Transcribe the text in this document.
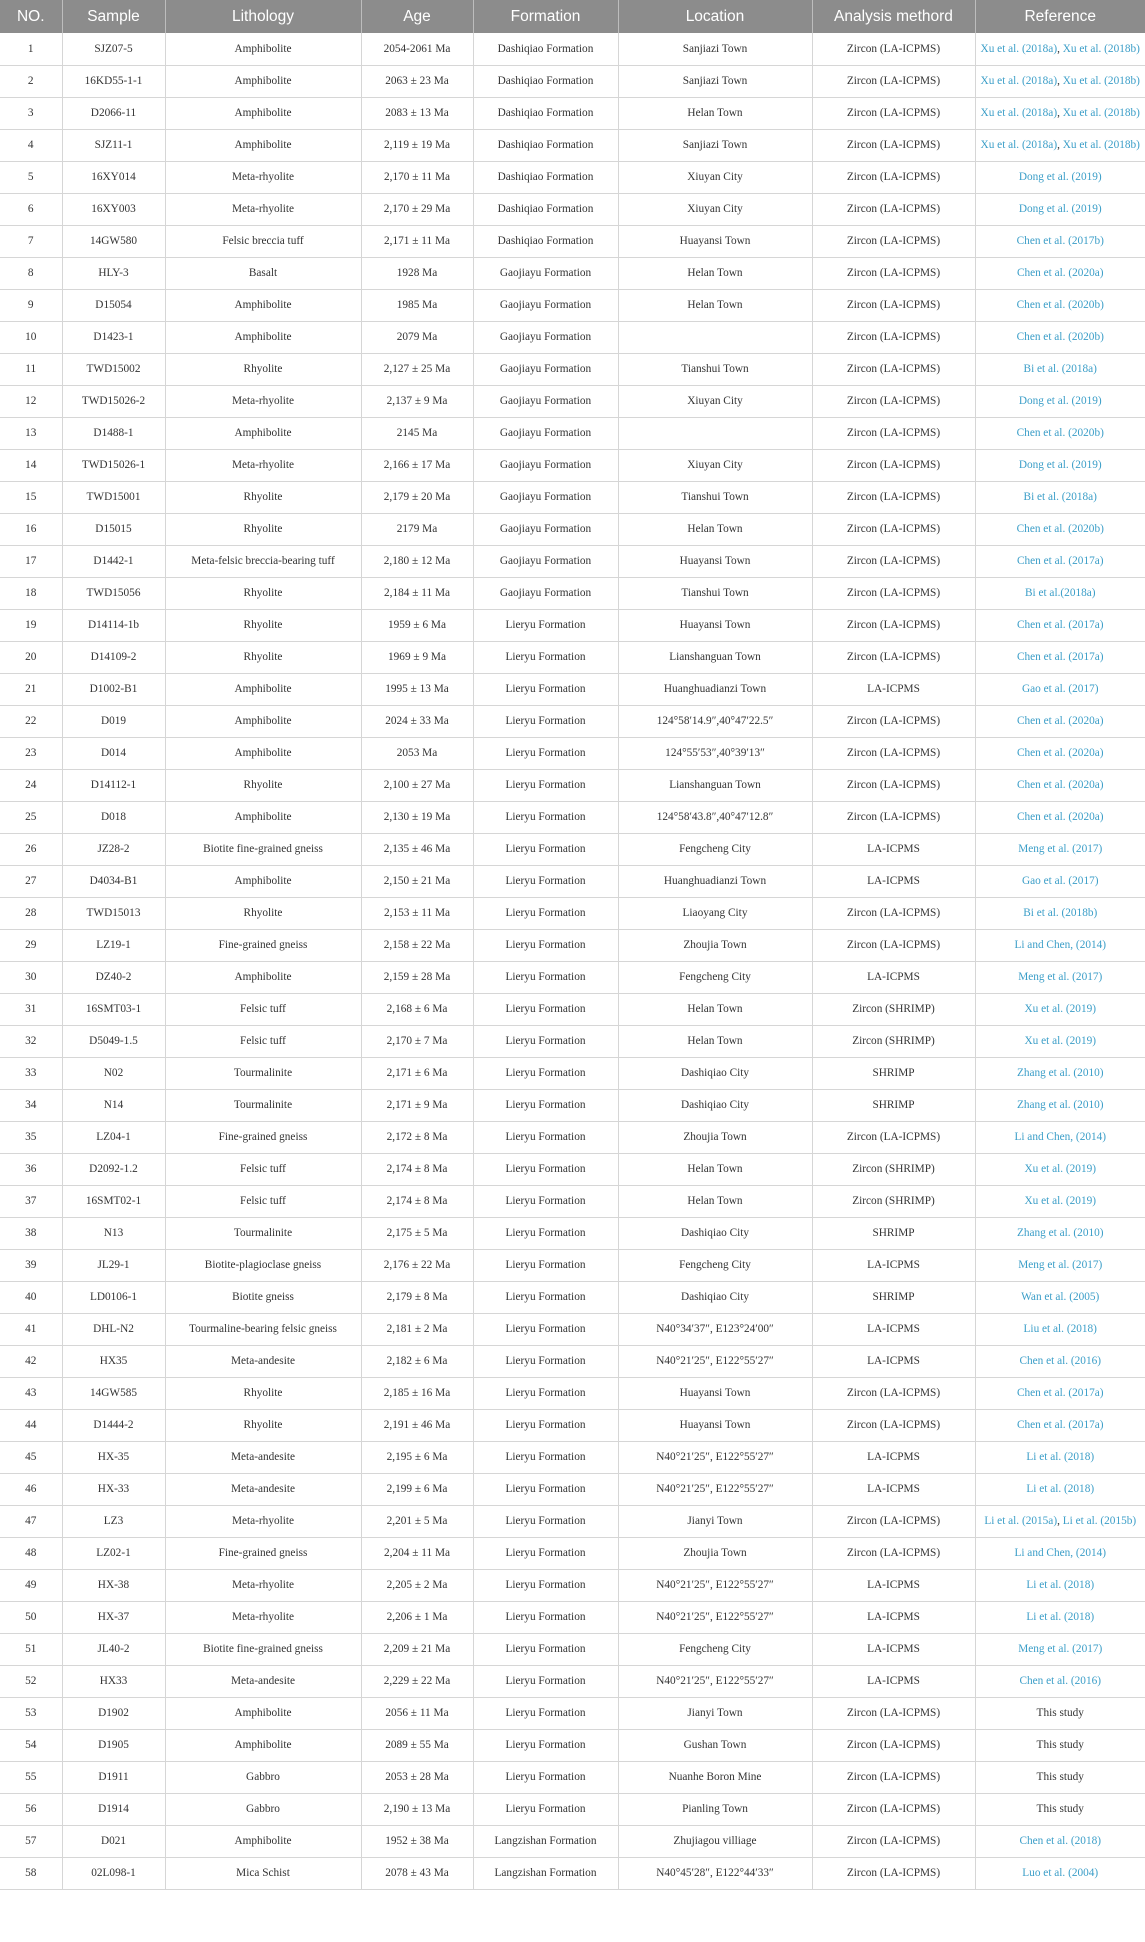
NO.	Sample	Lithology	Age	Formation	Location	Analysis methord	Reference
1	SJZ07-5	Amphibolite	2054-2061 Ma	Dashiqiao Formation	Sanjiazi Town	Zircon (LA-ICPMS)	Xu et al. (2018a), Xu et al. (2018b)
2	16KD55-1-1	Amphibolite	2063 ± 23 Ma	Dashiqiao Formation	Sanjiazi Town	Zircon (LA-ICPMS)	Xu et al. (2018a), Xu et al. (2018b)
3	D2066-11	Amphibolite	2083 ± 13 Ma	Dashiqiao Formation	Helan Town	Zircon (LA-ICPMS)	Xu et al. (2018a), Xu et al. (2018b)
4	SJZ11-1	Amphibolite	2,119 ± 19 Ma	Dashiqiao Formation	Sanjiazi Town	Zircon (LA-ICPMS)	Xu et al. (2018a), Xu et al. (2018b)
5	16XY014	Meta-rhyolite	2,170 ± 11 Ma	Dashiqiao Formation	Xiuyan City	Zircon (LA-ICPMS)	Dong et al. (2019)
6	16XY003	Meta-rhyolite	2,170 ± 29 Ma	Dashiqiao Formation	Xiuyan City	Zircon (LA-ICPMS)	Dong et al. (2019)
7	14GW580	Felsic breccia tuff	2,171 ± 11 Ma	Dashiqiao Formation	Huayansi Town	Zircon (LA-ICPMS)	Chen et al. (2017b)
8	HLY-3	Basalt	1928 Ma	Gaojiayu Formation	Helan Town	Zircon (LA-ICPMS)	Chen et al. (2020a)
9	D15054	Amphibolite	1985 Ma	Gaojiayu Formation	Helan Town	Zircon (LA-ICPMS)	Chen et al. (2020b)
10	D1423-1	Amphibolite	2079 Ma	Gaojiayu Formation		Zircon (LA-ICPMS)	Chen et al. (2020b)
11	TWD15002	Rhyolite	2,127 ± 25 Ma	Gaojiayu Formation	Tianshui Town	Zircon (LA-ICPMS)	Bi et al. (2018a)
12	TWD15026-2	Meta-rhyolite	2,137 ± 9 Ma	Gaojiayu Formation	Xiuyan City	Zircon (LA-ICPMS)	Dong et al. (2019)
13	D1488-1	Amphibolite	2145 Ma	Gaojiayu Formation		Zircon (LA-ICPMS)	Chen et al. (2020b)
14	TWD15026-1	Meta-rhyolite	2,166 ± 17 Ma	Gaojiayu Formation	Xiuyan City	Zircon (LA-ICPMS)	Dong et al. (2019)
15	TWD15001	Rhyolite	2,179 ± 20 Ma	Gaojiayu Formation	Tianshui Town	Zircon (LA-ICPMS)	Bi et al. (2018a)
16	D15015	Rhyolite	2179 Ma	Gaojiayu Formation	Helan Town	Zircon (LA-ICPMS)	Chen et al. (2020b)
17	D1442-1	Meta-felsic breccia-bearing tuff	2,180 ± 12 Ma	Gaojiayu Formation	Huayansi Town	Zircon (LA-ICPMS)	Chen et al. (2017a)
18	TWD15056	Rhyolite	2,184 ± 11 Ma	Gaojiayu Formation	Tianshui Town	Zircon (LA-ICPMS)	Bi et al.(2018a)
19	D14114-1b	Rhyolite	1959 ± 6 Ma	Lieryu Formation	Huayansi Town	Zircon (LA-ICPMS)	Chen et al. (2017a)
20	D14109-2	Rhyolite	1969 ± 9 Ma	Lieryu Formation	Lianshanguan Town	Zircon (LA-ICPMS)	Chen et al. (2017a)
21	D1002-B1	Amphibolite	1995 ± 13 Ma	Lieryu Formation	Huanghuadianzi Town	LA-ICPMS	Gao et al. (2017)
22	D019	Amphibolite	2024 ± 33 Ma	Lieryu Formation	124°58′14.9″,40°47′22.5″	Zircon (LA-ICPMS)	Chen et al. (2020a)
23	D014	Amphibolite	2053 Ma	Lieryu Formation	124°55′53″,40°39′13″	Zircon (LA-ICPMS)	Chen et al. (2020a)
24	D14112-1	Rhyolite	2,100 ± 27 Ma	Lieryu Formation	Lianshanguan Town	Zircon (LA-ICPMS)	Chen et al. (2020a)
25	D018	Amphibolite	2,130 ± 19 Ma	Lieryu Formation	124°58′43.8″,40°47′12.8″	Zircon (LA-ICPMS)	Chen et al. (2020a)
26	JZ28-2	Biotite fine-grained gneiss	2,135 ± 46 Ma	Lieryu Formation	Fengcheng City	LA-ICPMS	Meng et al. (2017)
27	D4034-B1	Amphibolite	2,150 ± 21 Ma	Lieryu Formation	Huanghuadianzi Town	LA-ICPMS	Gao et al. (2017)
28	TWD15013	Rhyolite	2,153 ± 11 Ma	Lieryu Formation	Liaoyang City	Zircon (LA-ICPMS)	Bi et al. (2018b)
29	LZ19-1	Fine-grained gneiss	2,158 ± 22 Ma	Lieryu Formation	Zhoujia Town	Zircon (LA-ICPMS)	Li and Chen, (2014)
30	DZ40-2	Amphibolite	2,159 ± 28 Ma	Lieryu Formation	Fengcheng City	LA-ICPMS	Meng et al. (2017)
31	16SMT03-1	Felsic tuff	2,168 ± 6 Ma	Lieryu Formation	Helan Town	Zircon (SHRIMP)	Xu et al. (2019)
32	D5049-1.5	Felsic tuff	2,170 ± 7 Ma	Lieryu Formation	Helan Town	Zircon (SHRIMP)	Xu et al. (2019)
33	N02	Tourmalinite	2,171 ± 6 Ma	Lieryu Formation	Dashiqiao City	SHRIMP	Zhang et al. (2010)
34	N14	Tourmalinite	2,171 ± 9 Ma	Lieryu Formation	Dashiqiao City	SHRIMP	Zhang et al. (2010)
35	LZ04-1	Fine-grained gneiss	2,172 ± 8 Ma	Lieryu Formation	Zhoujia Town	Zircon (LA-ICPMS)	Li and Chen, (2014)
36	D2092-1.2	Felsic tuff	2,174 ± 8 Ma	Lieryu Formation	Helan Town	Zircon (SHRIMP)	Xu et al. (2019)
37	16SMT02-1	Felsic tuff	2,174 ± 8 Ma	Lieryu Formation	Helan Town	Zircon (SHRIMP)	Xu et al. (2019)
38	N13	Tourmalinite	2,175 ± 5 Ma	Lieryu Formation	Dashiqiao City	SHRIMP	Zhang et al. (2010)
39	JL29-1	Biotite-plagioclase gneiss	2,176 ± 22 Ma	Lieryu Formation	Fengcheng City	LA-ICPMS	Meng et al. (2017)
40	LD0106-1	Biotite gneiss	2,179 ± 8 Ma	Lieryu Formation	Dashiqiao City	SHRIMP	Wan et al. (2005)
41	DHL-N2	Tourmaline-bearing felsic gneiss	2,181 ± 2 Ma	Lieryu Formation	N40°34′37″, E123°24′00″	LA-ICPMS	Liu et al. (2018)
42	HX35	Meta-andesite	2,182 ± 6 Ma	Lieryu Formation	N40°21′25″, E122°55′27″	LA-ICPMS	Chen et al. (2016)
43	14GW585	Rhyolite	2,185 ± 16 Ma	Lieryu Formation	Huayansi Town	Zircon (LA-ICPMS)	Chen et al. (2017a)
44	D1444-2	Rhyolite	2,191 ± 46 Ma	Lieryu Formation	Huayansi Town	Zircon (LA-ICPMS)	Chen et al. (2017a)
45	HX-35	Meta-andesite	2,195 ± 6 Ma	Lieryu Formation	N40°21′25″, E122°55′27″	LA-ICPMS	Li et al. (2018)
46	HX-33	Meta-andesite	2,199 ± 6 Ma	Lieryu Formation	N40°21′25″, E122°55′27″	LA-ICPMS	Li et al. (2018)
47	LZ3	Meta-rhyolite	2,201 ± 5 Ma	Lieryu Formation	Jianyi Town	Zircon (LA-ICPMS)	Li et al. (2015a), Li et al. (2015b)
48	LZ02-1	Fine-grained gneiss	2,204 ± 11 Ma	Lieryu Formation	Zhoujia Town	Zircon (LA-ICPMS)	Li and Chen, (2014)
49	HX-38	Meta-rhyolite	2,205 ± 2 Ma	Lieryu Formation	N40°21′25″, E122°55′27″	LA-ICPMS	Li et al. (2018)
50	HX-37	Meta-rhyolite	2,206 ± 1 Ma	Lieryu Formation	N40°21′25″, E122°55′27″	LA-ICPMS	Li et al. (2018)
51	JL40-2	Biotite fine-grained gneiss	2,209 ± 21 Ma	Lieryu Formation	Fengcheng City	LA-ICPMS	Meng et al. (2017)
52	HX33	Meta-andesite	2,229 ± 22 Ma	Lieryu Formation	N40°21′25″, E122°55′27″	LA-ICPMS	Chen et al. (2016)
53	D1902	Amphibolite	2056 ± 11 Ma	Lieryu Formation	Jianyi Town	Zircon (LA-ICPMS)	This study
54	D1905	Amphibolite	2089 ± 55 Ma	Lieryu Formation	Gushan Town	Zircon (LA-ICPMS)	This study
55	D1911	Gabbro	2053 ± 28 Ma	Lieryu Formation	Nuanhe Boron Mine	Zircon (LA-ICPMS)	This study
56	D1914	Gabbro	2,190 ± 13 Ma	Lieryu Formation	Pianling Town	Zircon (LA-ICPMS)	This study
57	D021	Amphibolite	1952 ± 38 Ma	Langzishan Formation	Zhujiagou villiage	Zircon (LA-ICPMS)	Chen et al. (2018)
58	02L098-1	Mica Schist	2078 ± 43 Ma	Langzishan Formation	N40°45′28″, E122°44′33″	Zircon (LA-ICPMS)	Luo et al. (2004)
